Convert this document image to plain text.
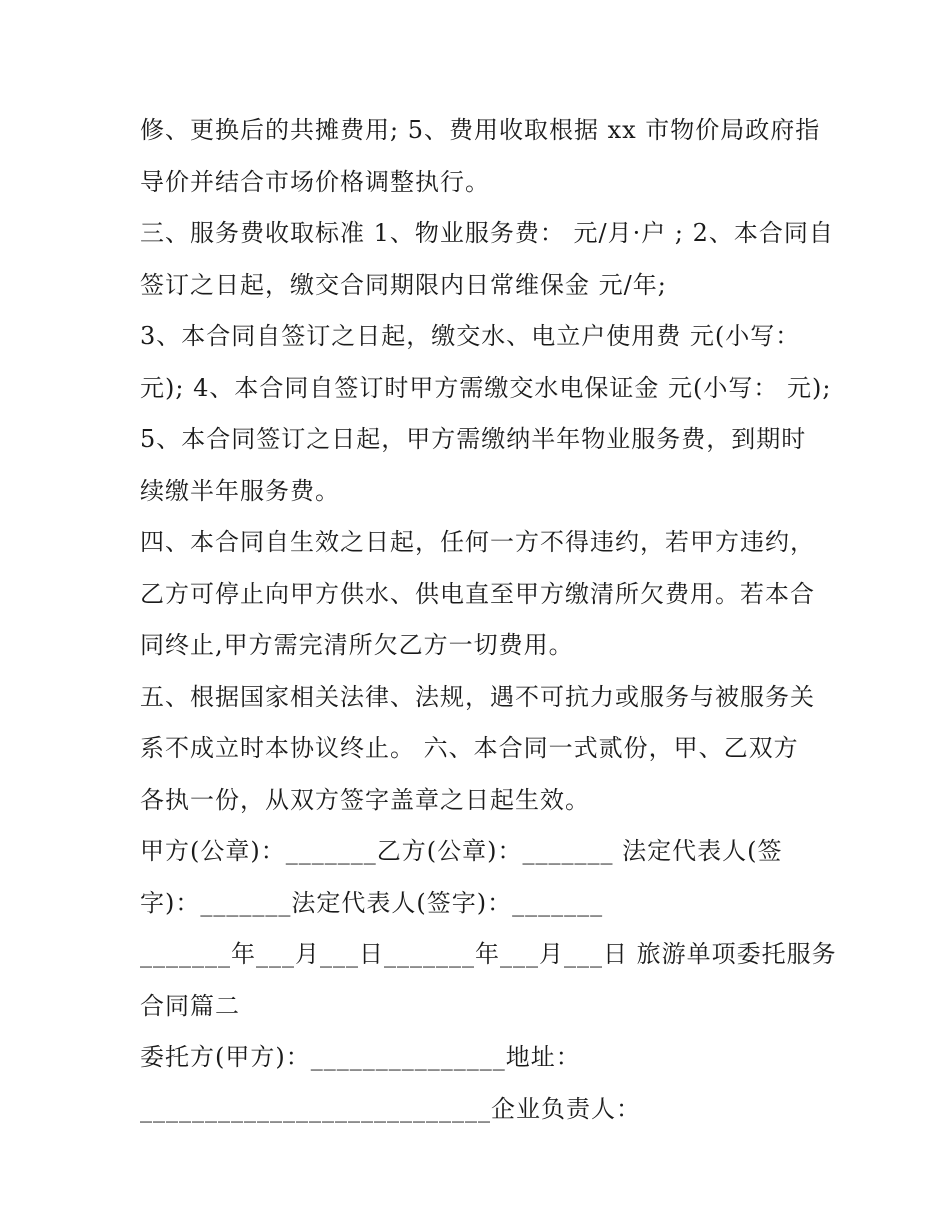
修、更换后的共摊费用; 5、费用收取根据 xx 市物价局政府指
导价并结合市场价格调整执行。
三、服务费收取标准 1、物业服务费： 元/月·户 ; 2、本合同自
签订之日起，缴交合同期限内日常维保金 元/年;
3、本合同自签订之日起，缴交水、电立户使用费 元(小写：
元); 4、本合同自签订时甲方需缴交水电保证金 元(小写： 元);
5、本合同签订之日起，甲方需缴纳半年物业服务费，到期时
续缴半年服务费。
四、本合同自生效之日起，任何一方不得违约，若甲方违约，
乙方可停止向甲方供水、供电直至甲方缴清所欠费用。若本合
同终止,甲方需完清所欠乙方一切费用。
五、根据国家相关法律、法规，遇不可抗力或服务与被服务关
系不成立时本协议终止。 六、本合同一式贰份，甲、乙双方
各执一份，从双方签字盖章之日起生效。
甲方(公章)：_______乙方(公章)：_______ 法定代表人(签
字)：_______法定代表人(签字)：_______
_______年___月___日_______年___月___日 旅游单项委托服务
合同篇二
委托方(甲方)：_______________地址：
___________________________企业负责人：
